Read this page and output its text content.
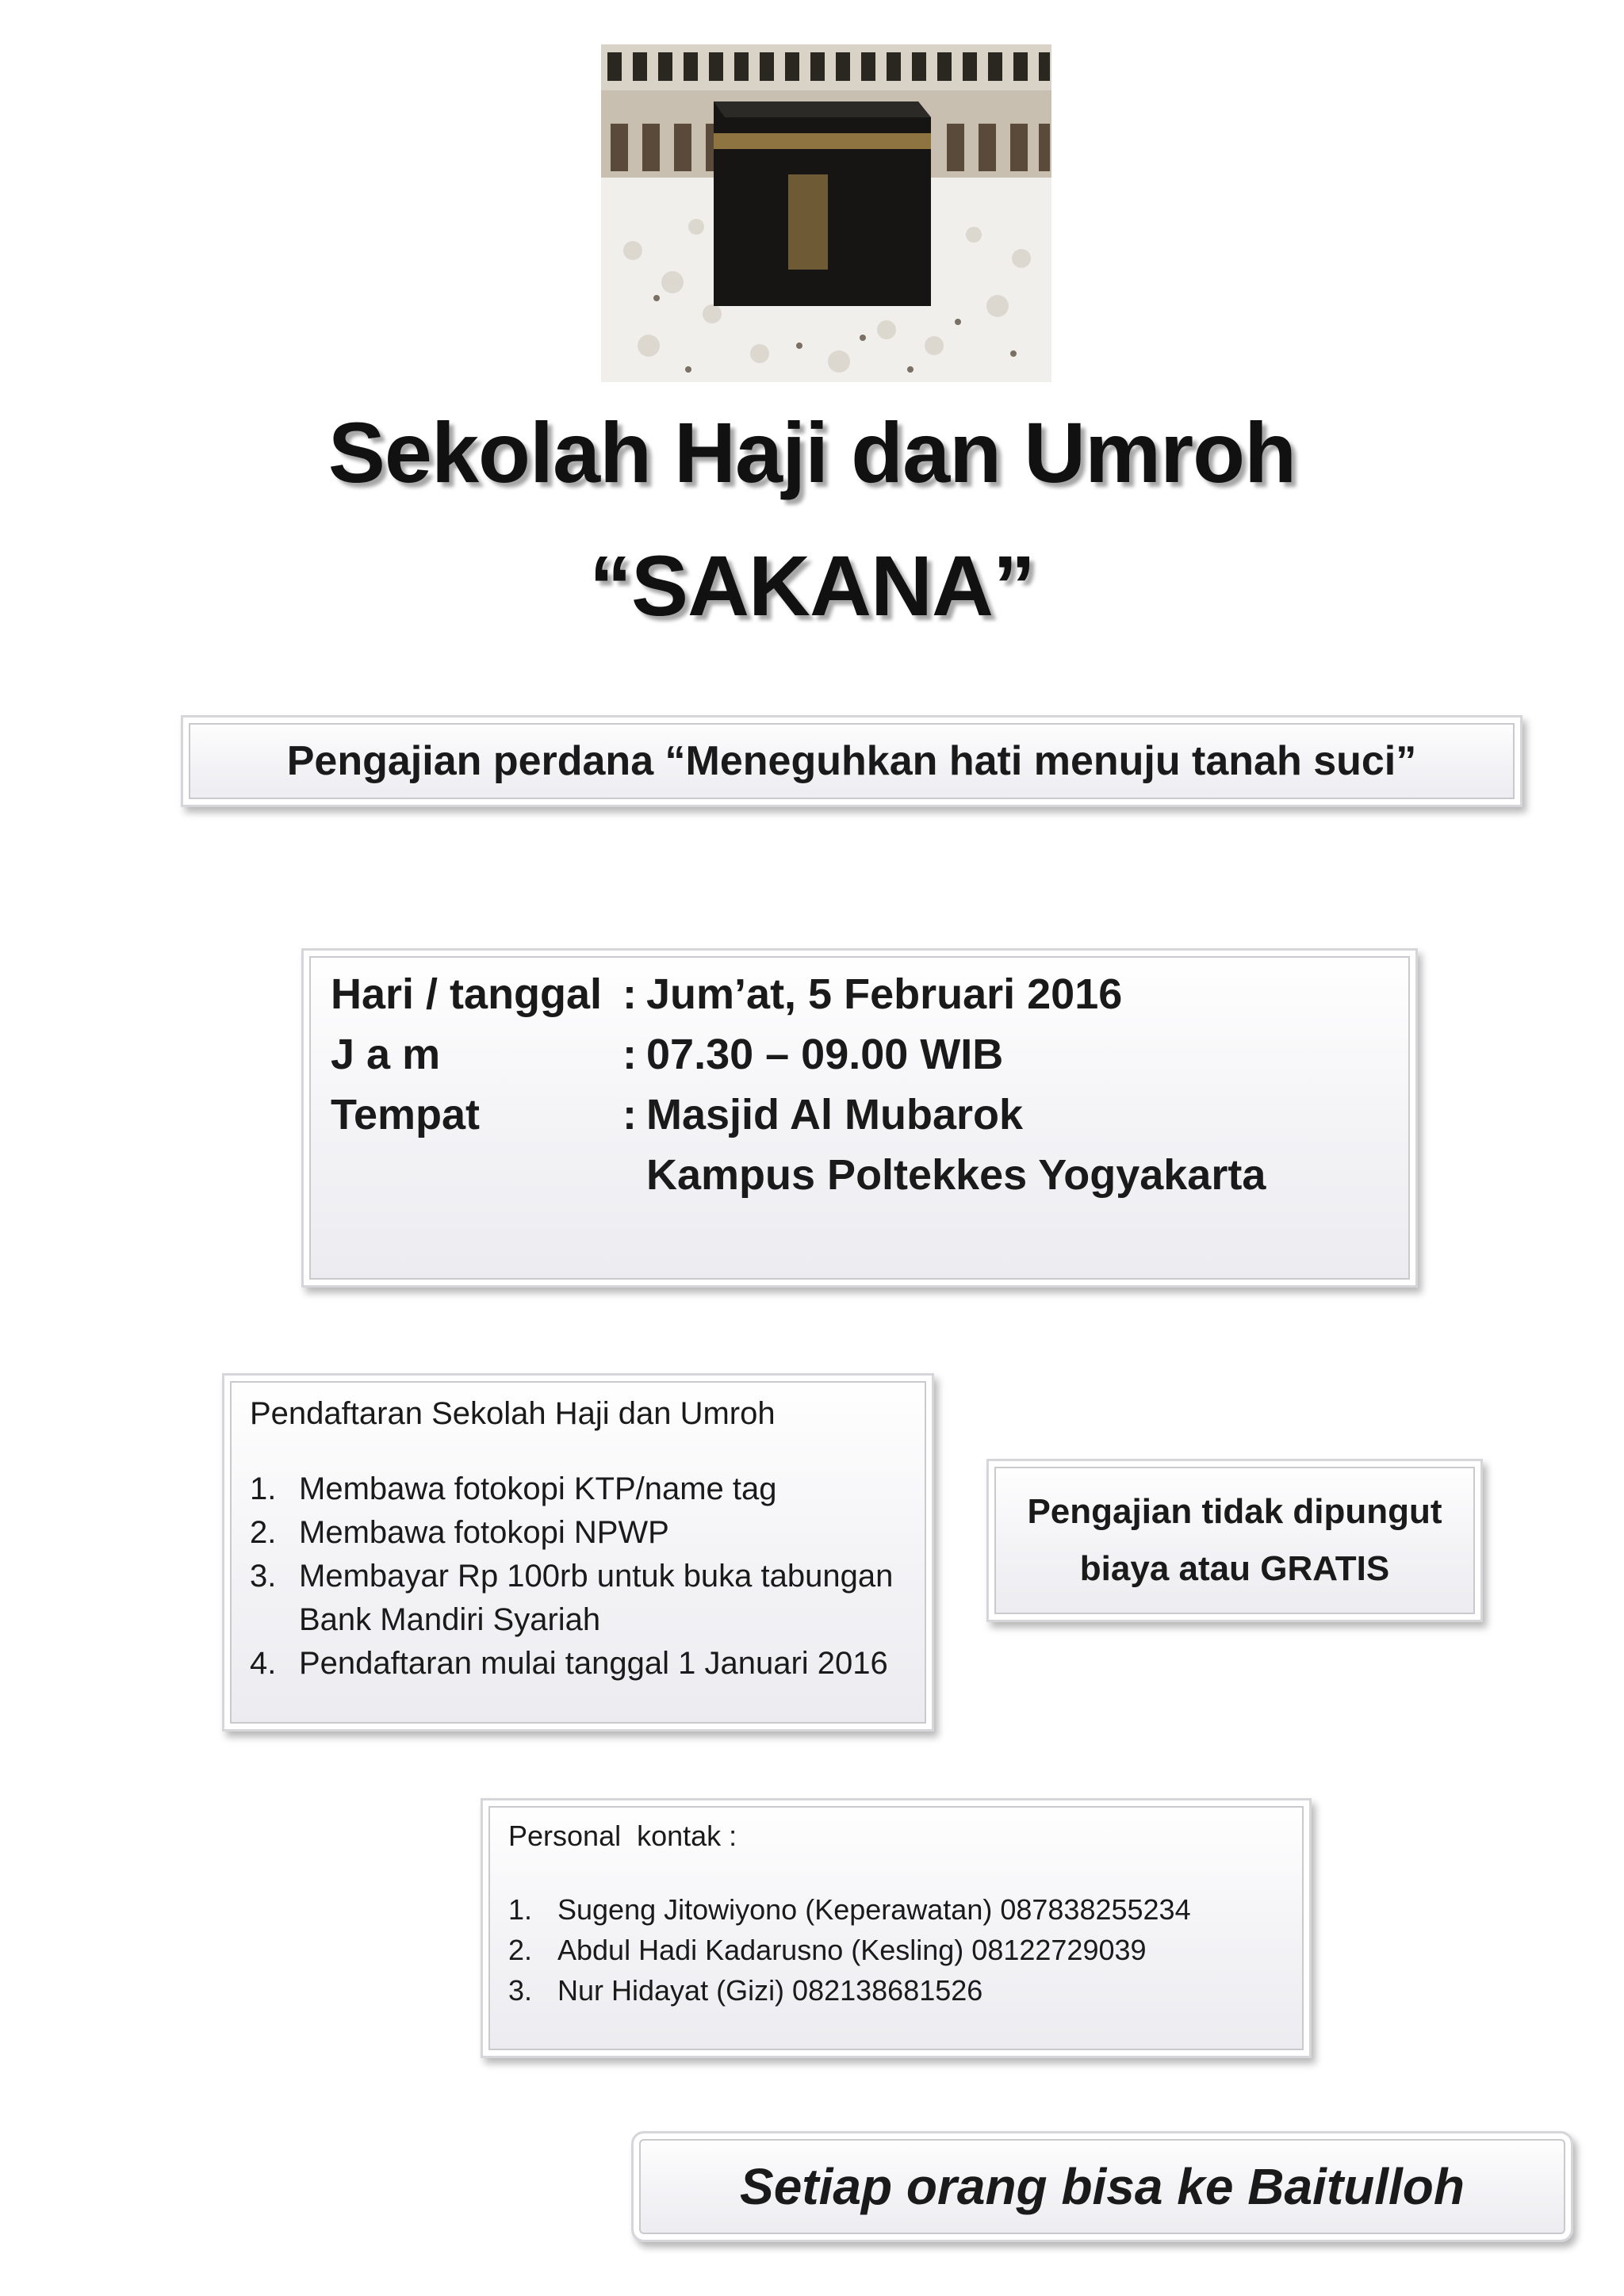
Sekolah Haji dan Umroh
“SAKANA”
Pengajian perdana “Meneguhkan hati menuju tanah suci”
Hari / tanggal : Jum’at, 5 Februari 2016
J a m	: 07.30 – 09.00 WIB
Tempat	: Masjid Al Mubarok
Kampus Poltekkes Yogyakarta
Pendaftaran Sekolah Haji dan Umroh
1. Membawa fotokopi KTP/name tag
2. Membawa fotokopi NPWP
3. Membayar Rp 100rb untuk buka tabungan Bank Mandiri Syariah
4. Pendaftaran mulai tanggal 1 Januari 2016
Pengajian tidak dipungut
biaya atau GRATIS
Personal  kontak :
1. Sugeng Jitowiyono (Keperawatan) 087838255234
2. Abdul Hadi Kadarusno (Kesling) 08122729039
3. Nur Hidayat (Gizi) 082138681526
Setiap orang bisa ke Baitulloh
